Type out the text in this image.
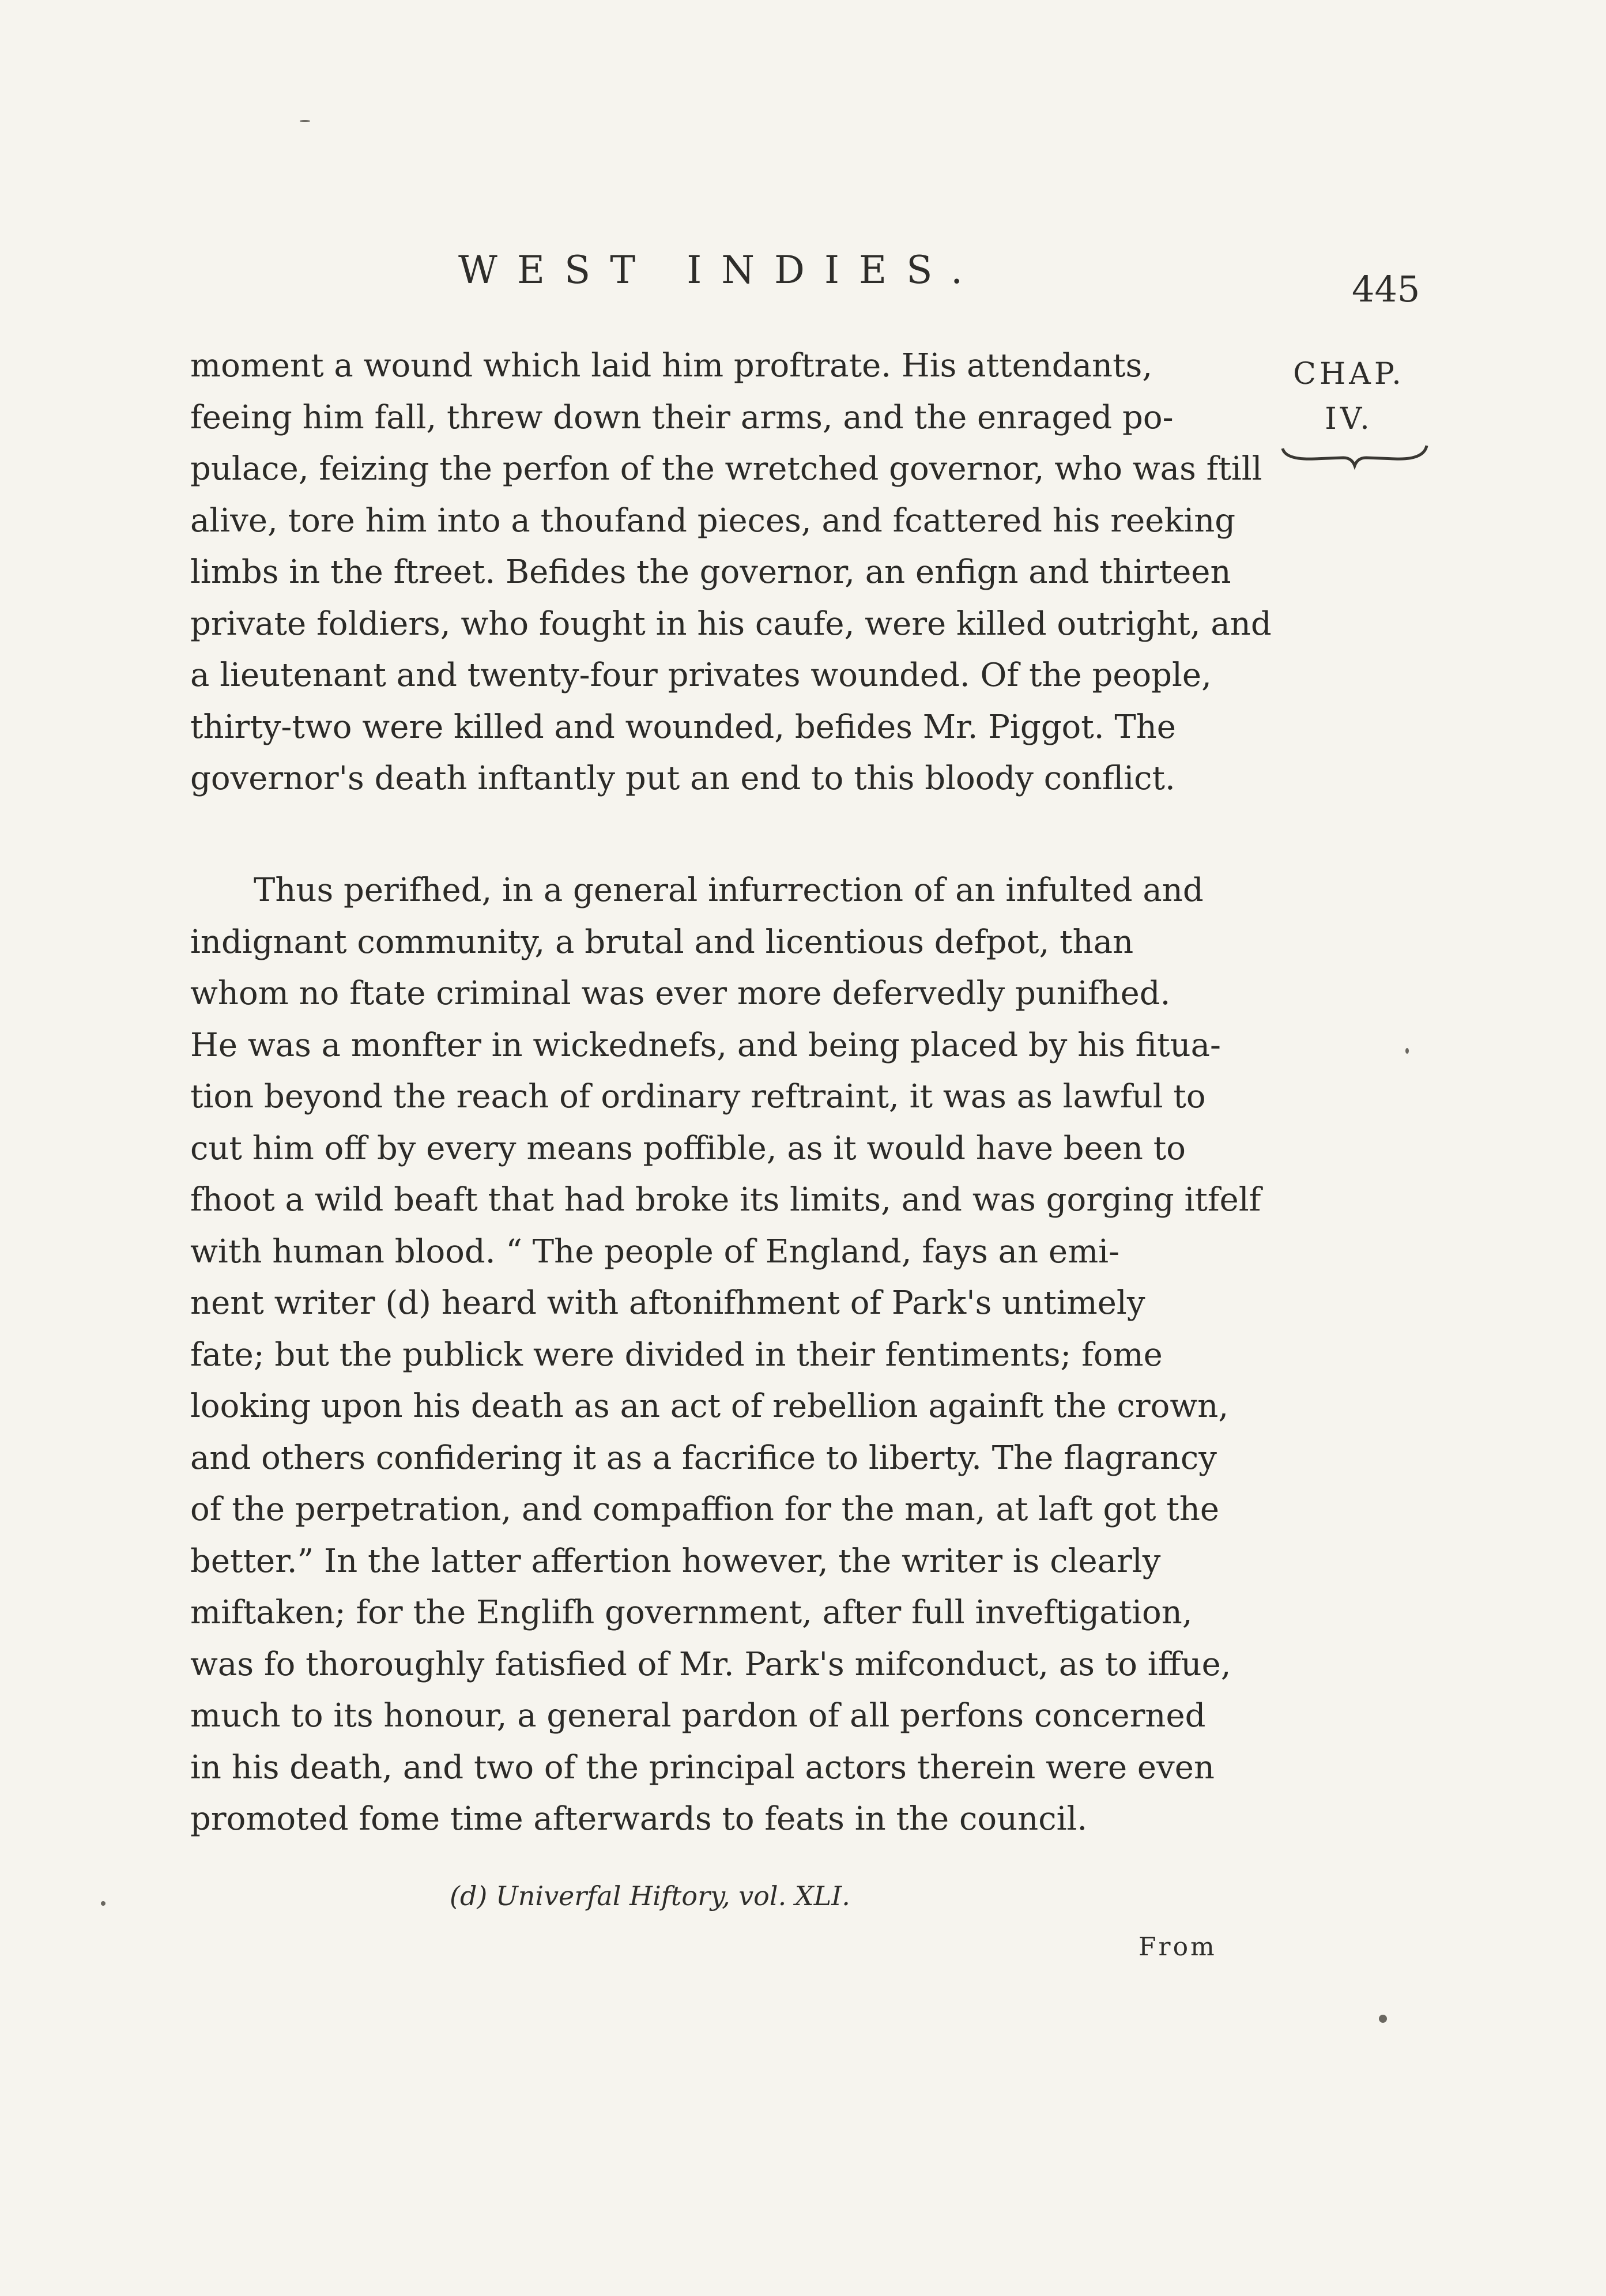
WEST INDIES.	445
CHAP.
IV.
moment a wound which laid him proftrate. His attendants,
feeing him fall, threw down their arms, and the enraged po-
pulace, feizing the perfon of the wretched governor, who was ftill
alive, tore him into a thoufand pieces, and fcattered his reeking
limbs in the ftreet. Befides the governor, an enfign and thirteen
private foldiers, who fought in his caufe, were killed outright, and
a lieutenant and twenty-four privates wounded. Of the people,
thirty-two were killed and wounded, befides Mr. Piggot. The
governor's death inftantly put an end to this bloody conflict.
Thus perifhed, in a general infurrection of an infulted and
indignant community, a brutal and licentious defpot, than
whom no ftate criminal was ever more defervedly punifhed.
He was a monfter in wickednefs, and being placed by his fitua-
tion beyond the reach of ordinary reftraint, it was as lawful to
cut him off by every means poffible, as it would have been to
fhoot a wild beaft that had broke its limits, and was gorging itfelf
with human blood. “ The people of England, fays an emi-
nent writer (d) heard with aftonifhment of Park's untimely
fate; but the publick were divided in their fentiments; fome
looking upon his death as an act of rebellion againft the crown,
and others confidering it as a facrifice to liberty. The flagrancy
of the perpetration, and compaffion for the man, at laft got the
better.” In the latter affertion however, the writer is clearly
miftaken; for the Englifh government, after full inveftigation,
was fo thoroughly fatisfied of Mr. Park's mifconduct, as to iffue,
much to its honour, a general pardon of all perfons concerned
in his death, and two of the principal actors therein were even
promoted fome time afterwards to feats in the council.
(d) Univerfal Hiftory, vol. XLI.
From
